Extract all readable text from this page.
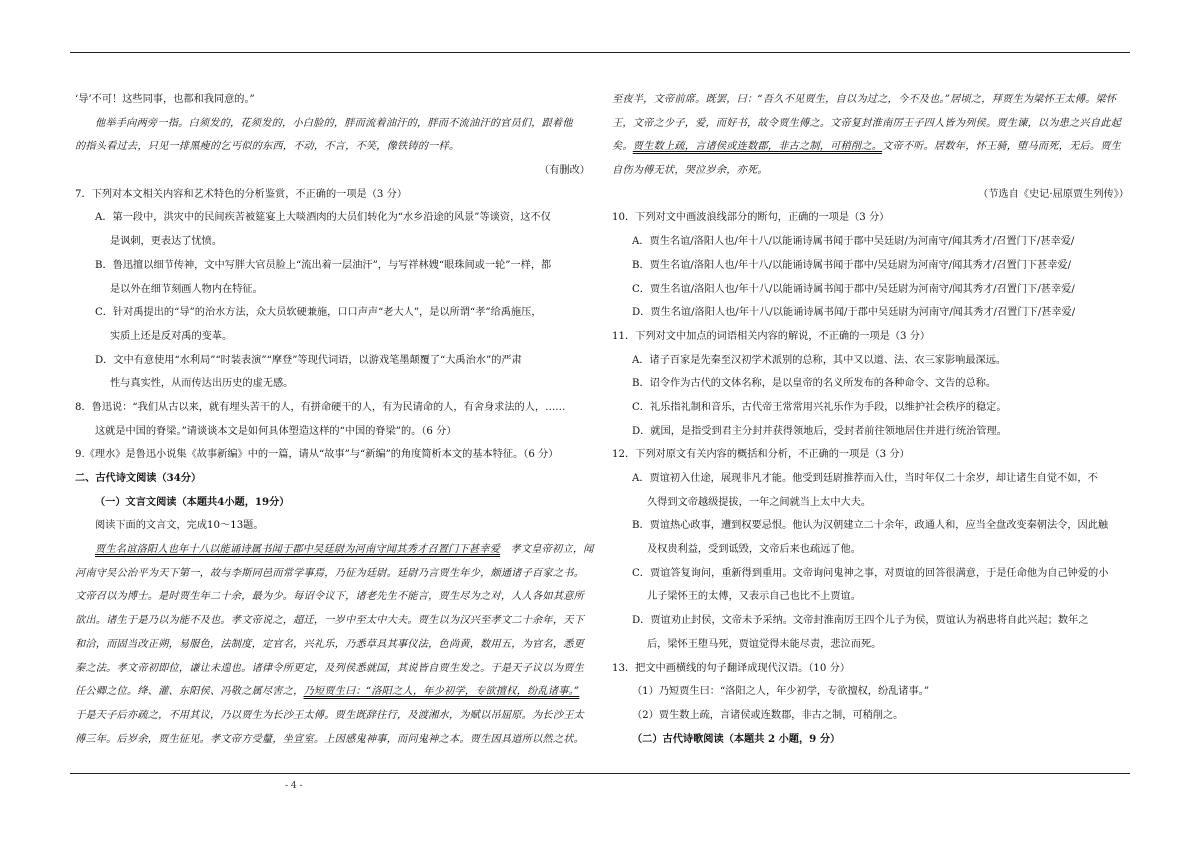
‘导’不可！这些同事，也都和我同意的。”
他举手向两旁一指。白须发的，花须发的，小白脸的，胖而流着油汗的，胖而不流油汗的官员们，跟着他
的指头看过去，只见一排黑瘦的乞丐似的东西，不动，不言，不笑，像铁铸的一样。
（有删改）
7．下列对本文相关内容和艺术特色的分析鉴赏，不正确的一项是（3 分）
A．第一段中，洪灾中的民间疾苦被筵宴上大啖酒肉的大员们转化为“水乡沿途的风景”等谈资，这不仅
是讽刺，更表达了忧愤。
B．鲁迅擅以细节传神，文中写胖大官员脸上“流出着一层油汗”，与写祥林嫂“眼珠间或一轮”一样，都
是以外在细节刻画人物内在特征。
C．针对禹提出的“导”的治水方法，众大员软硬兼施，口口声声“老大人”，是以所谓“孝”给禹施压，
实质上还是反对禹的变革。
D．文中有意使用“水利局”“时装表演”“摩登”等现代词语，以游戏笔墨颠覆了“大禹治水”的严肃
性与真实性，从而传达出历史的虚无感。
8．鲁迅说：“我们从古以来，就有埋头苦干的人，有拼命硬干的人，有为民请命的人，有舍身求法的人，……
这就是中国的脊梁。”请谈谈本文是如何具体塑造这样的“中国的脊梁”的。（6 分）
9.《理水》是鲁迅小说集《故事新编》中的一篇，请从“故事”与“新编”的角度简析本文的基本特征。（6 分）
二、古代诗文阅读（34分）
（一）文言文阅读（本题共4小题，19分）
阅读下面的文言文，完成10～13题。
贾生名谊洛阳人也年十八以能诵诗属书闻于郡中吴廷尉为河南守闻其秀才召置门下甚幸爱　 孝文皇帝初立，闻
河南守吴公治平为天下第一，故与李斯同邑而常学事焉，乃征为廷尉。廷尉乃言贾生年少，颇通诸子百家之书。
文帝召以为博士。是时贾生年二十余，最为少。每诏令议下，诸老先生不能言，贾生尽为之对，人人各如其意所
欲出。诸生于是乃以为能不及也。孝文帝说之，超迁，一岁中至太中大夫。贾生以为汉兴至孝文二十余年，天下
和洽，而固当改正朔，易服色，法制度，定官名，兴礼乐，乃悉草具其事仪法，色尚黄，数用五，为官名，悉更
秦之法。孝文帝初即位，谦让未遑也。诸律令所更定，及列侯悉就国，其说皆自贾生发之。于是天子议以为贾生
任公卿之位。绛、灌、东阳侯、冯敬之属尽害之，乃短贾生曰：“洛阳之人，年少初学，专欲擅权，纷乱诸事。”
于是天子后亦疏之，不用其议，乃以贾生为长沙王太傅。贾生既辞往行，及渡湘水，为赋以吊屈原。为长沙王太
傅三年。后岁余，贾生征见。孝文帝方受釐，坐宣室。上因感鬼神事，而问鬼神之本。贾生因具道所以然之状。
至夜半，文帝前席。既罢，曰：“吾久不见贾生，自以为过之，今不及也。”居顷之，拜贾生为梁怀王太傅。梁怀
王，文帝之少子，爱，而好书，故令贾生傅之。文帝复封淮南厉王子四人皆为列侯。贾生谏，以为患之兴自此起
矣。贾生数上疏，言诸侯或连数郡，非古之制，可稍削之。文帝不听。居数年，怀王骑，堕马而死，无后。贾生
自伤为傅无状，哭泣岁余，亦死。
（节选自《史记·屈原贾生列传》）
10．下列对文中画波浪线部分的断句，正确的一项是（3 分）
A．贾生名谊/洛阳人也/年十八/以能诵诗属书闻于郡中吴廷尉/为河南守/闻其秀才/召置门下/甚幸爱/
B．贾生名谊/洛阳人也/年十八/以能诵诗属书闻于郡中/吴廷尉为河南守/闻其秀才/召置门下甚幸爱/
C．贾生名谊/洛阳人也/年十八/以能诵诗属书闻于郡中/吴廷尉为河南守/闻其秀才/召置门下/甚幸爱/
D．贾生名谊/洛阳人也/年十八/以能诵诗属书闻/于郡中吴廷尉为河南守/闻其秀才/召置门下/甚幸爱/
11．下列对文中加点的词语相关内容的解说，不正确的一项是（3 分）
A．诸子百家是先秦至汉初学术派别的总称，其中又以道、法、农三家影响最深远。
B．诏令作为古代的文体名称，是以皇帝的名义所发布的各种命令、文告的总称。
C．礼乐指礼制和音乐，古代帝王常常用兴礼乐作为手段，以维护社会秩序的稳定。
D．就国，是指受到君主分封并获得领地后，受封者前往领地居住并进行统治管理。
12．下列对原文有关内容的概括和分析，不正确的一项是（3 分）
A．贾谊初入仕途，展现非凡才能。他受到廷尉推荐而入仕，当时年仅二十余岁，却让诸生自觉不如，不
久得到文帝越级提拔，一年之间就当上太中大夫。
B．贾谊热心政事，遭到权要忌恨。他认为汉朝建立二十余年，政通人和，应当全盘改变秦朝法令，因此触
及权贵利益，受到诋毁，文帝后来也疏远了他。
C．贾谊答复询问，重新得到重用。文帝询问鬼神之事，对贾谊的回答很满意，于是任命他为自己钟爱的小
儿子梁怀王的太傅，又表示自己也比不上贾谊。
D．贾谊劝止封侯，文帝未予采纳。文帝封淮南厉王四个儿子为侯，贾谊认为祸患将自此兴起；数年之
后，梁怀王堕马死，贾谊觉得未能尽责，悲泣而死。
13．把文中画横线的句子翻译成现代汉语。（10 分）
（1）乃短贾生曰：“洛阳之人，年少初学，专欲擅权，纷乱诸事。”
（2）贾生数上疏，言诸侯或连数郡，非古之制，可稍削之。
（二）古代诗歌阅读（本题共 2 小题，9 分）
- 4 -
